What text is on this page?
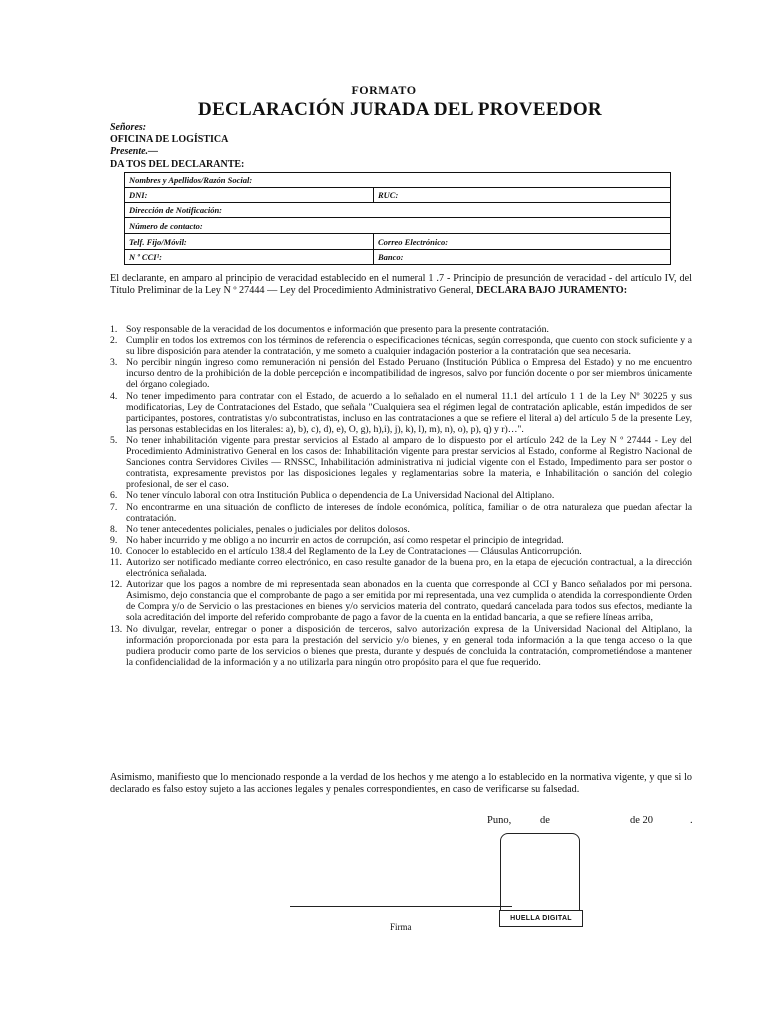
FORMATO
DECLARACIÓN JURADA DEL PROVEEDOR
Señores:
OFICINA DE LOGÍSTICA
Presente.—
DA TOS DEL DECLARANTE:
Nombres y Apellidos/Razón Social:	
DNI:	RUC:
Dirección de Notificación:	
Número de contacto:	
Telf. Fijo/Móvil:	Correo Electrónico:
N º CCI¹:	Banco:
El declarante, en amparo al principio de veracidad establecido en el numeral 1 .7 - Principio de presunción de veracidad - del artículo IV, del Título Preliminar de la Ley N º 27444 — Ley del Procedimiento Administrativo General, DECLARA BAJO JURAMENTO:
1. Soy responsable de la veracidad de los documentos e información que presento para la presente contratación.
2. Cumplir en todos los extremos con los términos de referencia o especificaciones técnicas, según corresponda, que cuento con stock suficiente y a su libre disposición para atender la contratación, y me someto a cualquier indagación posterior a la contratación que sea necesaria.
3. No percibir ningún ingreso como remuneración ni pensión del Estado Peruano (Institución Pública o Empresa del Estado) y no me encuentro incurso dentro de la prohibición de la doble percepción e incompatibilidad de ingresos, salvo por función docente o por ser miembros únicamente del órgano colegiado.
4. No tener impedimento para contratar con el Estado, de acuerdo a lo señalado en el numeral 11.1 del artículo 1 1 de la Ley Nº 30225 y sus modificatorias, Ley de Contrataciones del Estado, que señala "Cualquiera sea el régimen legal de contratación aplicable, están impedidos de ser participantes, postores, contratistas y/o subcontratistas, incluso en las contrataciones a que se refiere el literal a) del artículo 5 de la presente Ley, las personas establecidas en los literales: a), b), c), d), e), O, g), h),i), j), k), l), m), n), o), p), q) y r)…".
5. No tener inhabilitación vigente para prestar servicios al Estado al amparo de lo dispuesto por el artículo 242 de la Ley N º 27444 - Ley del Procedimiento Administrativo General en los casos de: Inhabilitación vigente para prestar servicios al Estado, conforme al Registro Nacional de Sanciones contra Servidores Civiles — RNSSC, Inhabilitación administrativa ni judicial vigente con el Estado, Impedimento para ser postor o contratista, expresamente previstos por las disposiciones legales y reglamentarias sobre la materia, e Inhabilitación o sanción del colegio profesional, de ser el caso.
6. No tener vínculo laboral con otra Institución Publica o dependencia de La Universidad Nacional del Altiplano.
7. No encontrarme en una situación de conflicto de intereses de índole económica, política, familiar o de otra naturaleza que puedan afectar la contratación.
8. No tener antecedentes policiales, penales o judiciales por delitos dolosos.
9. No haber incurrido y me obligo a no incurrir en actos de corrupción, así como respetar el principio de integridad.
10. Conocer lo establecido en el artículo 138.4 del Reglamento de la Ley de Contrataciones — Cláusulas Anticorrupción.
11. Autorizo ser notificado mediante correo electrónico, en caso resulte ganador de la buena pro, en la etapa de ejecución contractual, a la dirección electrónica señalada.
12. Autorizar que los pagos a nombre de mi representada sean abonados en la cuenta que corresponde al CCI y Banco señalados por mi persona. Asimismo, dejo constancia que el comprobante de pago a ser emitida por mi representada, una vez cumplida o atendida la correspondiente Orden de Compra y/o de Servicio o las prestaciones en bienes y/o servicios materia del contrato, quedará cancelada para todos sus efectos, mediante la sola acreditación del importe del referido comprobante de pago a favor de la cuenta en la entidad bancaria, a que se refiere líneas arriba,
13. No divulgar, revelar, entregar o poner a disposición de terceros, salvo autorización expresa de la Universidad Nacional del Altiplano, la información proporcionada por esta para la prestación del servicio y/o bienes, y en general toda información a la que tenga acceso o la que pudiera producir como parte de los servicios o bienes que presta, durante y después de concluida la contratación, comprometiéndose a mantener la confidencialidad de la información y a no utilizarla para ningún otro propósito para el que fue requerido.
Asimismo, manifiesto que lo mencionado responde a la verdad de los hechos y me atengo a lo establecido en la normativa vigente, y que si lo declarado es falso estoy sujeto a las acciones legales y penales correspondientes, en caso de verificarse su falsedad.
Puno,	de	de 20	.
HUELLA DIGITAL
Firma
